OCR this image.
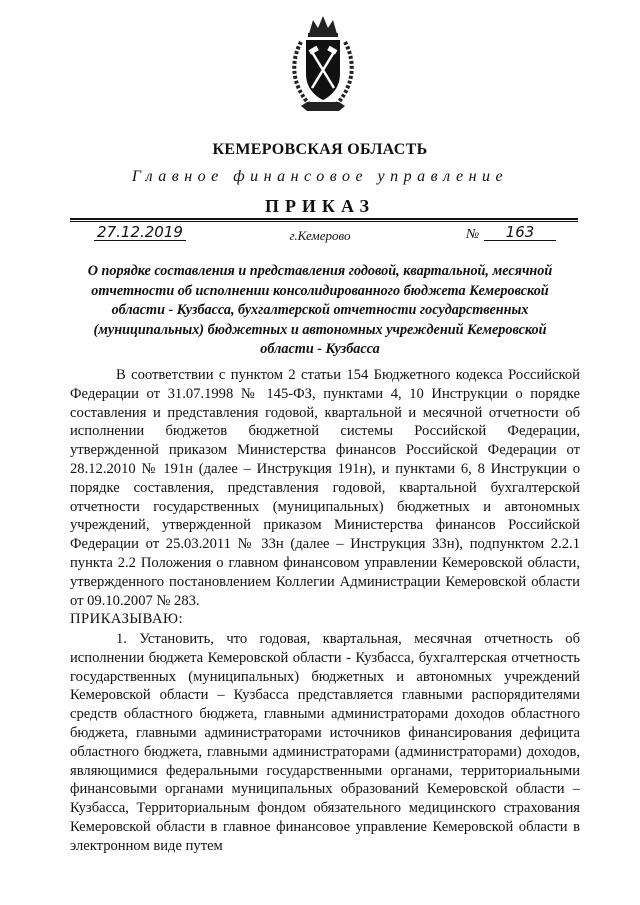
КЕМЕРОВСКАЯ ОБЛАСТЬ
Главное финансовое управление
ПРИКАЗ
27.12.2019	г.Кемерово	№	163
О порядке составления и представления годовой, квартальной, месячной отчетности об исполнении консолидированного бюджета Кемеровской области - Кузбасса, бухгалтерской отчетности государственных (муниципальных) бюджетных и автономных учреждений Кемеровской области - Кузбасса
В соответствии с пунктом 2 статьи 154 Бюджетного кодекса Российской Федерации от 31.07.1998 № 145-ФЗ, пунктами 4, 10 Инструкции о порядке составления и представления годовой, квартальной и месячной отчетности об исполнении бюджетов бюджетной системы Российской Федерации, утвержденной приказом Министерства финансов Российской Федерации от 28.12.2010 № 191н (далее – Инструкция 191н), и пунктами 6, 8 Инструкции о порядке составления, представления годовой, квартальной бухгалтерской отчетности государственных (муниципальных) бюджетных и автономных учреждений, утвержденной приказом Министерства финансов Российской Федерации от 25.03.2011 № 33н (далее – Инструкция 33н), подпунктом 2.2.1 пункта 2.2 Положения о главном финансовом управлении Кемеровской области, утвержденного постановлением Коллегии Администрации Кемеровской области от 09.10.2007 № 283.
ПРИКАЗЫВАЮ:
1. Установить, что годовая, квартальная, месячная отчетность об исполнении бюджета Кемеровской области - Кузбасса, бухгалтерская отчетность государственных (муниципальных) бюджетных и автономных учреждений Кемеровской области – Кузбасса представляется главными распорядителями средств областного бюджета, главными администраторами доходов областного бюджета, главными администраторами источников финансирования дефицита областного бюджета, главными администраторами (администраторами) доходов, являющимися федеральными государственными органами, территориальными финансовыми органами муниципальных образований Кемеровской области – Кузбасса, Территориальным фондом обязательного медицинского страхования Кемеровской области в главное финансовое управление Кемеровской области в электронном виде путем
